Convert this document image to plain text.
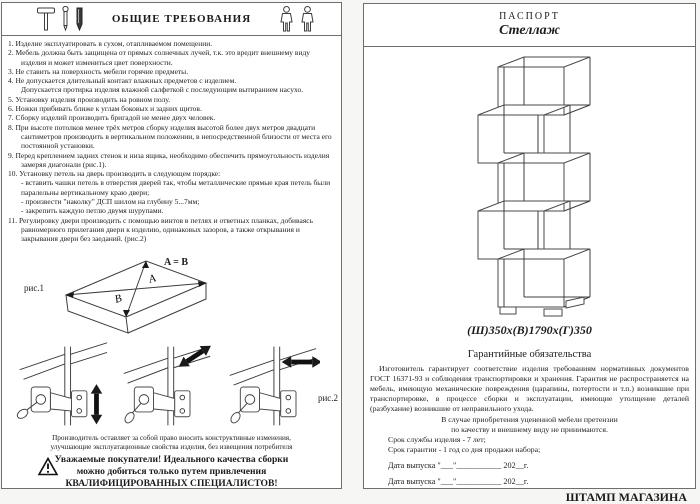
ОБЩИЕ ТРЕБОВАНИЯ
1. Изделие эксплуатировать в сухом, отапливаемом помещении.
2. Мебель должна быть защищена от прямых солнечных лучей, т.к. это вредит внешнему виду изделия и может измениться цвет поверхности.
3. Не ставить на поверхность мебели горячие предметы.
4. Не допускается длительный контакт влажных предметов с изделием.
Допускается протирка изделия влажной салфеткой с последующим вытиранием насухо.
5. Установку изделия производить на ровном полу.
6. Ножки прибивать ближе к углам боковых и задних щитов.
7. Сборку изделий производить бригадой не менее двух человек.
8. При высоте потолков менее трёх метров сборку изделия высотой более двух метров двадцати сантиметров производить в вертикальном положении, в непосредственной близости от места его постоянной установки.
9. Перед креплением задних стенок и низа ящика, необходимо обеспечить прямоугольность изделия замеряя диагонали (рис.1).
10. Установку петель на дверь производить в следующем порядке:
- вставить чашки петель в отверстия дверей так, чтобы металлические прямые края петель были паралельны вертикальному краю двери;
- произвести "наколку" ДСП шилом на глубину 5...7мм;
- закрепить каждую петлю двумя шурупами.
11. Регулировку двери производить с помощью винтов в петлях и ответных планках, добиваясь равномерного прилегания двери к изделию, одинаковых зазоров, а также открывания и закрывания двери без заеданий. (рис.2)
A
B
A = B
рис.1
рис.2
Производитель оставляет за собой право вносить конструктивные изменения,
улучшающие эксплуатационные свойства изделия, без извещения потребителя
Уважаемые покупатели! Идеального качества сборки
можно добиться только путем привлечения
КВАЛИФИЦИРОВАННЫХ СПЕЦИАЛИСТОВ!
ПАСПОРТ
Стеллаж
(Ш)350х(В)1790х(Г)350
Гарантийные обязательства
Изготовитель гарантирует соответствие изделия требованиям нормативных документов ГОСТ 16371-93 и соблюдения транспортировки и хранения. Гарантия не распространяется на мебель, имеющую механические повреждения (царапины, потертости и т.п.) возникшие при транспортировке, в процессе сборки и эксплуатации, имеющие утолщение деталей (разбухание) возникшие от неправильного ухода.
В случае приобретения уцененной мебели претензии
по качеству и внешнему виду не принимаются.
Срок службы изделия - 7 лет;
Срок гарантии - 1 год со дня продажи набора;
Дата выпуска "___"___________ 202__г.
Дата выпуска "___"___________ 202__г.
ШТАМП МАГАЗИНА
